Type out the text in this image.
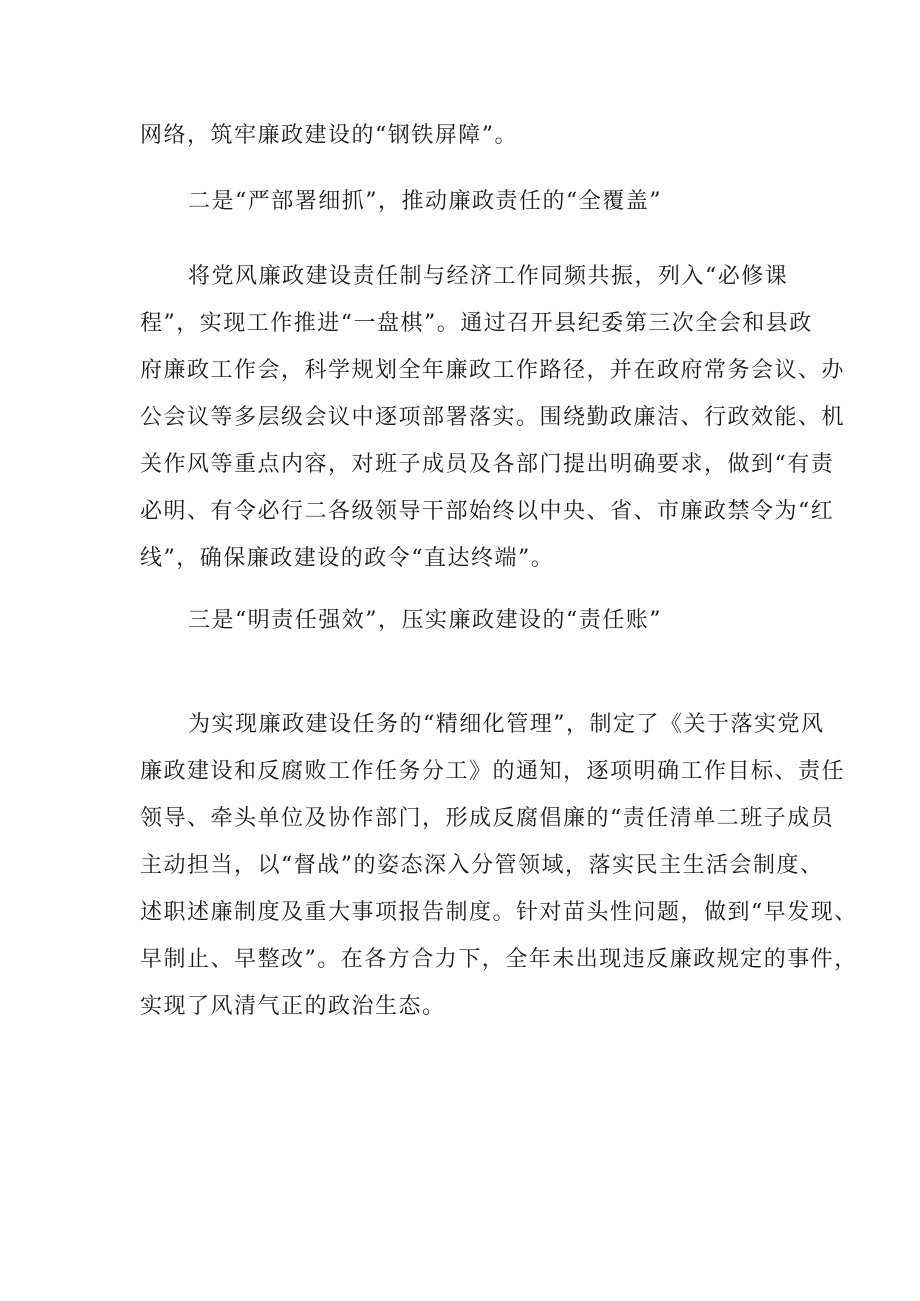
网络，筑牢廉政建设的“钢铁屏障”。
二是“严部署细抓”，推动廉政责任的“全覆盖”
将党风廉政建设责任制与经济工作同频共振，列入“必修课
程”，实现工作推进“一盘棋”。通过召开县纪委第三次全会和县政
府廉政工作会，科学规划全年廉政工作路径，并在政府常务会议、办
公会议等多层级会议中逐项部署落实。围绕勤政廉洁、行政效能、机
关作风等重点内容，对班子成员及各部门提出明确要求，做到“有责
必明、有令必行二各级领导干部始终以中央、省、市廉政禁令为“红
线”，确保廉政建设的政令“直达终端”。
三是“明责任强效”，压实廉政建设的“责任账”
为实现廉政建设任务的“精细化管理”，制定了《关于落实党风
廉政建设和反腐败工作任务分工》的通知，逐项明确工作目标、责任
领导、牵头单位及协作部门，形成反腐倡廉的“责任清单二班子成员
主动担当，以“督战”的姿态深入分管领域，落实民主生活会制度、
述职述廉制度及重大事项报告制度。针对苗头性问题，做到“早发现、
早制止、早整改”。在各方合力下，全年未出现违反廉政规定的事件，
实现了风清气正的政治生态。
